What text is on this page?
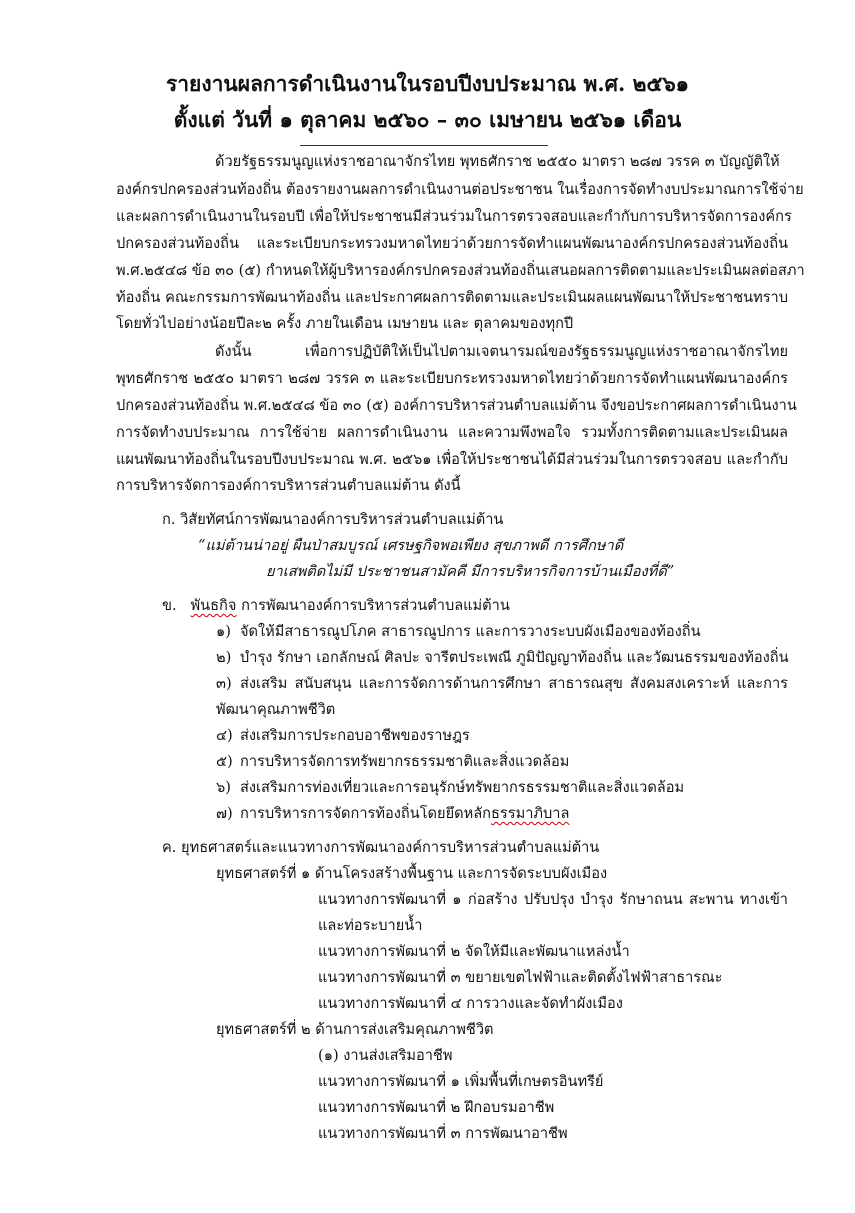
รายงานผลการดำเนินงานในรอบปีงบประมาณ พ.ศ. ๒๕๖๑
ตั้งแต่ วันที่ ๑ ตุลาคม ๒๕๖๐ – ๓๐ เมษายน ๒๕๖๑ เดือน
ด้วยรัฐธรรมนูญแห่งราชอาณาจักรไทย พุทธศักราช ๒๕๕๐ มาตรา ๒๘๗ วรรค ๓ บัญญัติให้
องค์กรปกครองส่วนท้องถิ่น ต้องรายงานผลการดำเนินงานต่อประชาชน ในเรื่องการจัดทำงบประมาณการใช้จ่าย
และผลการดำเนินงานในรอบปี เพื่อให้ประชาชนมีส่วนร่วมในการตรวจสอบและกำกับการบริหารจัดการองค์กร
ปกครองส่วนท้องถิ่น และระเบียบกระทรวงมหาดไทยว่าด้วยการจัดทำแผนพัฒนาองค์กรปกครองส่วนท้องถิ่น
พ.ศ.๒๕๔๘ ข้อ ๓๐ (๕) กำหนดให้ผู้บริหารองค์กรปกครองส่วนท้องถิ่นเสนอผลการติดตามและประเมินผลต่อสภา
ท้องถิ่น คณะกรรมการพัฒนาท้องถิ่น และประกาศผลการติดตามและประเมินผลแผนพัฒนาให้ประชาชนทราบ
โดยทั่วไปอย่างน้อยปีละ๒ ครั้ง ภายในเดือน เมษายน และ ตุลาคมของทุกปี
ดังนั้น เพื่อการปฏิบัติให้เป็นไปตามเจตนารมณ์ของรัฐธรรมนูญแห่งราชอาณาจักรไทย
พุทธศักราช ๒๕๕๐ มาตรา ๒๘๗ วรรค ๓ และระเบียบกระทรวงมหาดไทยว่าด้วยการจัดทำแผนพัฒนาองค์กร
ปกครองส่วนท้องถิ่น พ.ศ.๒๕๔๘ ข้อ ๓๐ (๕) องค์การบริหารส่วนตำบลแม่ต้าน จึงขอประกาศผลการดำเนินงาน
การจัดทำงบประมาณ การใช้จ่าย ผลการดำเนินงาน และความพึงพอใจ รวมทั้งการติดตามและประเมินผล
แผนพัฒนาท้องถิ่นในรอบปีงบประมาณ พ.ศ. ๒๕๖๑ เพื่อให้ประชาชนได้มีส่วนร่วมในการตรวจสอบ และกำกับ
การบริหารจัดการองค์การบริหารส่วนตำบลแม่ต้าน ดังนี้
ก. วิสัยทัศน์การพัฒนาองค์การบริหารส่วนตำบลแม่ต้าน
“แม่ต้านน่าอยู่ ผืนป่าสมบูรณ์ เศรษฐกิจพอเพียง สุขภาพดี การศึกษาดี
ยาเสพติดไม่มี ประชาชนสามัคคี มีการบริหารกิจการบ้านเมืองที่ดี”
ข. พันธกิจ การพัฒนาองค์การบริหารส่วนตำบลแม่ต้าน
๑) จัดให้มีสาธารณูปโภค สาธารณูปการ และการวางระบบผังเมืองของท้องถิ่น
๒) บำรุง รักษา เอกลักษณ์ ศิลปะ จารีตประเพณี ภูมิปัญญาท้องถิ่น และวัฒนธรรมของท้องถิ่น
๓) ส่งเสริม สนับสนุน และการจัดการด้านการศึกษา สาธารณสุข สังคมสงเคราะห์ และการ
พัฒนาคุณภาพชีวิต
๔) ส่งเสริมการประกอบอาชีพของราษฎร
๕) การบริหารจัดการทรัพยากรธรรมชาติและสิ่งแวดล้อม
๖) ส่งเสริมการท่องเที่ยวและการอนุรักษ์ทรัพยากรธรรมชาติและสิ่งแวดล้อม
๗) การบริหารการจัดการท้องถิ่นโดยยึดหลักธรรมาภิบาล
ค. ยุทธศาสตร์และแนวทางการพัฒนาองค์การบริหารส่วนตำบลแม่ต้าน
ยุทธศาสตร์ที่ ๑ ด้านโครงสร้างพื้นฐาน และการจัดระบบผังเมือง
แนวทางการพัฒนาที่ ๑ ก่อสร้าง ปรับปรุง บำรุง รักษาถนน สะพาน ทางเข้า
และท่อระบายน้ำ
แนวทางการพัฒนาที่ ๒ จัดให้มีและพัฒนาแหล่งน้ำ
แนวทางการพัฒนาที่ ๓ ขยายเขตไฟฟ้าและติดตั้งไฟฟ้าสาธารณะ
แนวทางการพัฒนาที่ ๔ การวางและจัดทำผังเมือง
ยุทธศาสตร์ที่ ๒ ด้านการส่งเสริมคุณภาพชีวิต
(๑) งานส่งเสริมอาชีพ
แนวทางการพัฒนาที่ ๑ เพิ่มพื้นที่เกษตรอินทรีย์
แนวทางการพัฒนาที่ ๒ ฝึกอบรมอาชีพ
แนวทางการพัฒนาที่ ๓ การพัฒนาอาชีพ
